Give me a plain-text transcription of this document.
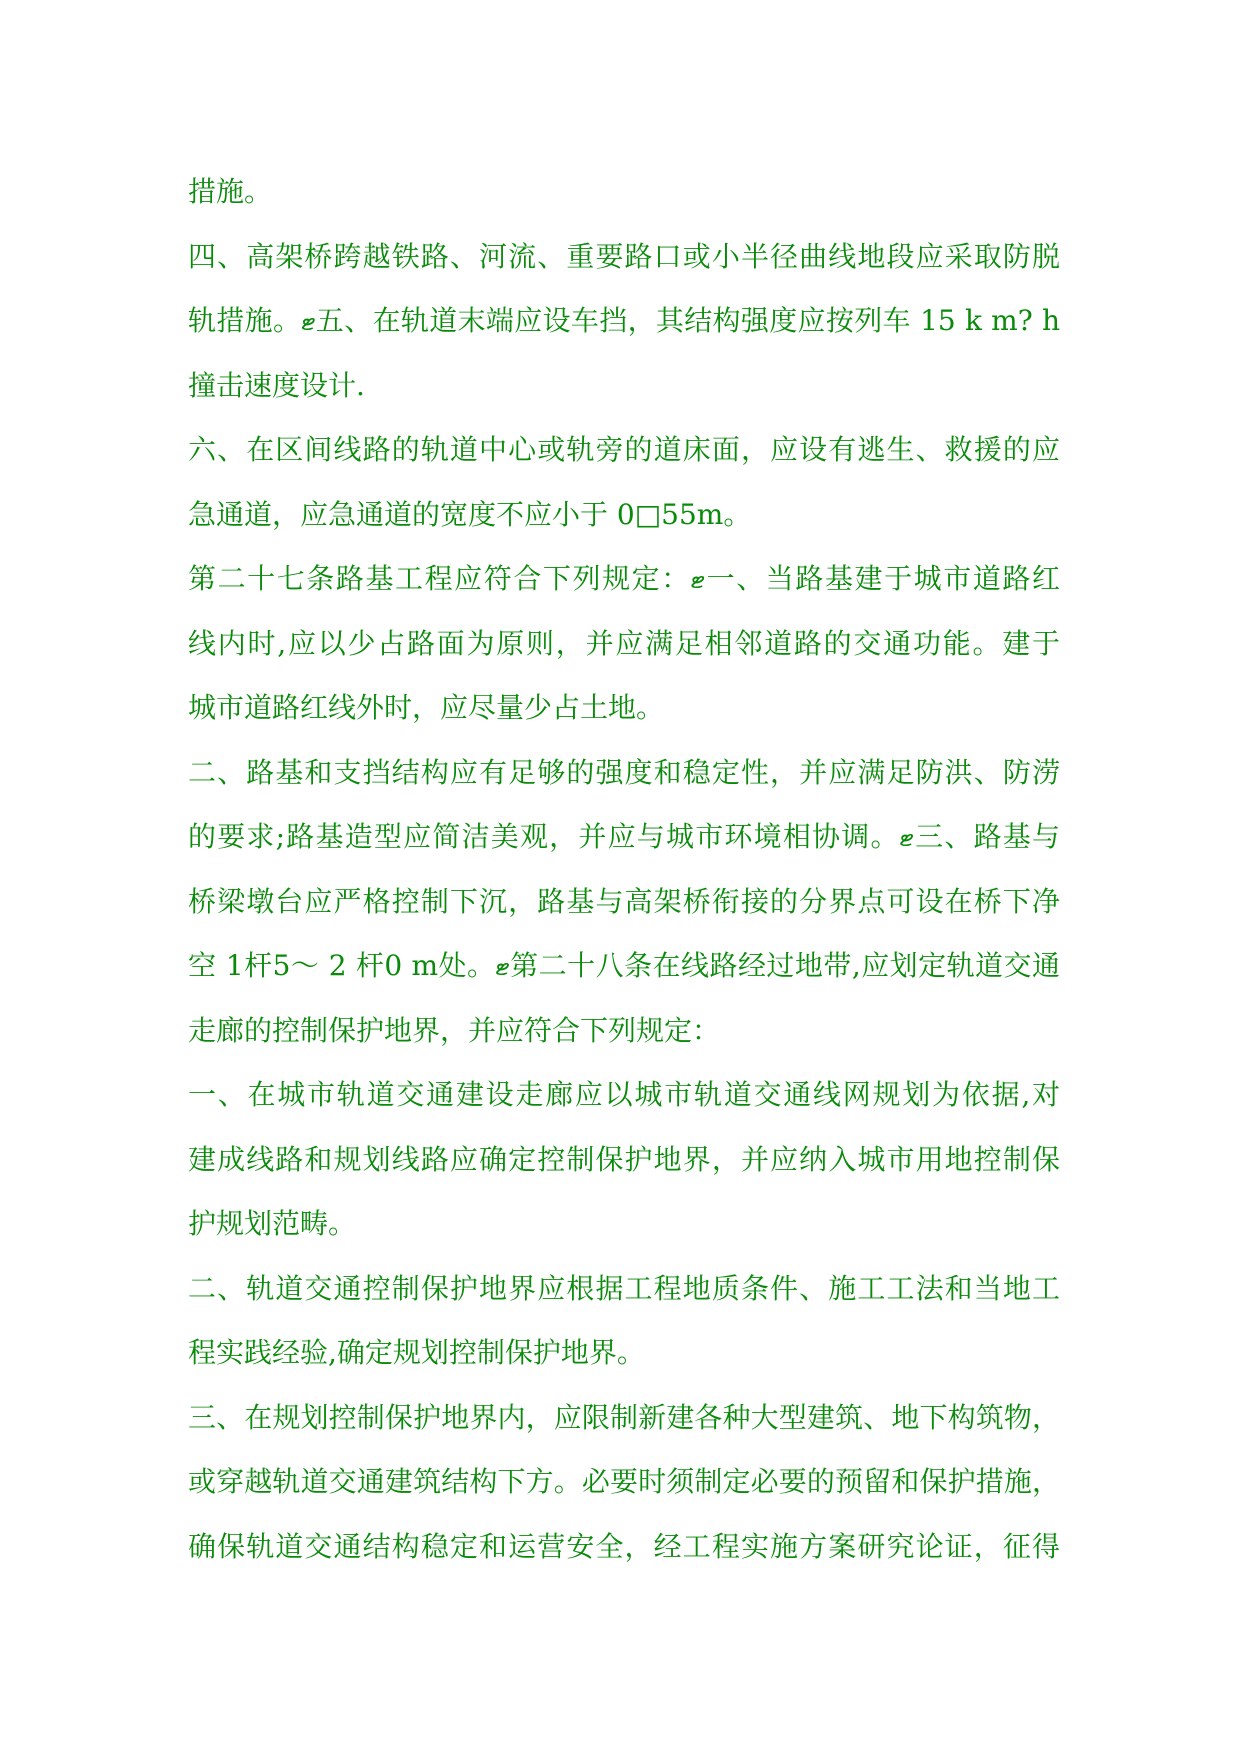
措施。
四、高架桥跨越铁路、河流、重要路口或小半径曲线地段应采取防脱
轨措施。ޓ五、在轨道末端应设车挡，其结构强度应按列车 15 k m? h
撞击速度设计.
六、在区间线路的轨道中心或轨旁的道床面，应设有逃生、救援的应
急通道，应急通道的宽度不应小于 0□55m。
第二十七条路基工程应符合下列规定：ޓ一、当路基建于城市道路红
线内时,应以少占路面为原则，并应满足相邻道路的交通功能。建于
城市道路红线外时，应尽量少占土地。
二、路基和支挡结构应有足够的强度和稳定性，并应满足防洪、防涝
的要求;路基造型应简洁美观，并应与城市环境相协调。ޓ三、路基与
桥梁墩台应严格控制下沉，路基与高架桥衔接的分界点可设在桥下净
空 1杆5～ 2 杆0 m处。ޓ第二十八条在线路经过地带,应划定轨道交通
走廊的控制保护地界，并应符合下列规定：
一、在城市轨道交通建设走廊应以城市轨道交通线网规划为依据,对
建成线路和规划线路应确定控制保护地界，并应纳入城市用地控制保
护规划范畴。
二、轨道交通控制保护地界应根据工程地质条件、施工工法和当地工
程实践经验,确定规划控制保护地界。
三、在规划控制保护地界内，应限制新建各种大型建筑、地下构筑物，
或穿越轨道交通建筑结构下方。必要时须制定必要的预留和保护措施，
确保轨道交通结构稳定和运营安全，经工程实施方案研究论证，征得
